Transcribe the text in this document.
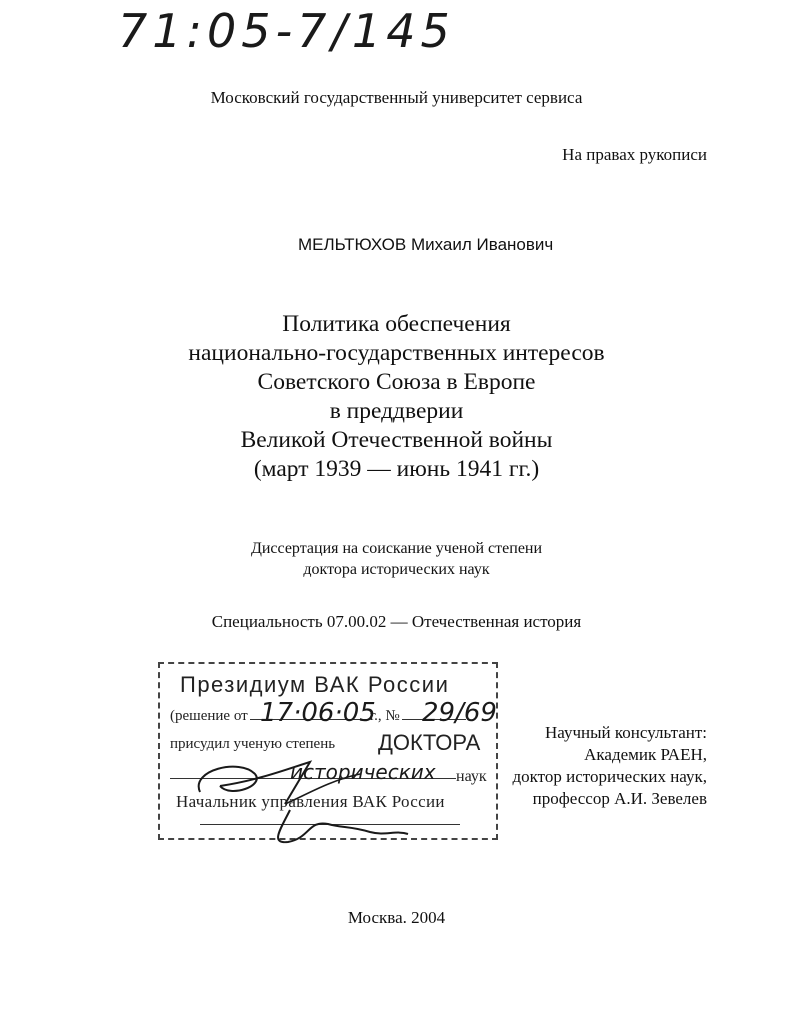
71:05-7/145
Московский государственный университет сервиса
На правах рукописи
МЕЛЬТЮХОВ Михаил Иванович
Политика обеспечения
национально-государственных интересов
Советского Союза в Европе
в преддверии
Великой Отечественной войны
(март 1939 — июнь 1941 гг.)
Диссертация на соискание ученой степени
доктора исторических наук
Специальность 07.00.02 — Отечественная история
Президиум ВАК России
(решение от	г., №
17·06·05 29/69
присудил ученую степень ДОКТОРА
исторических наук
Начальник управления ВАК России
Научный консультант:
Академик РАЕН,
доктор исторических наук,
профессор А.И. Зевелев
Москва. 2004
